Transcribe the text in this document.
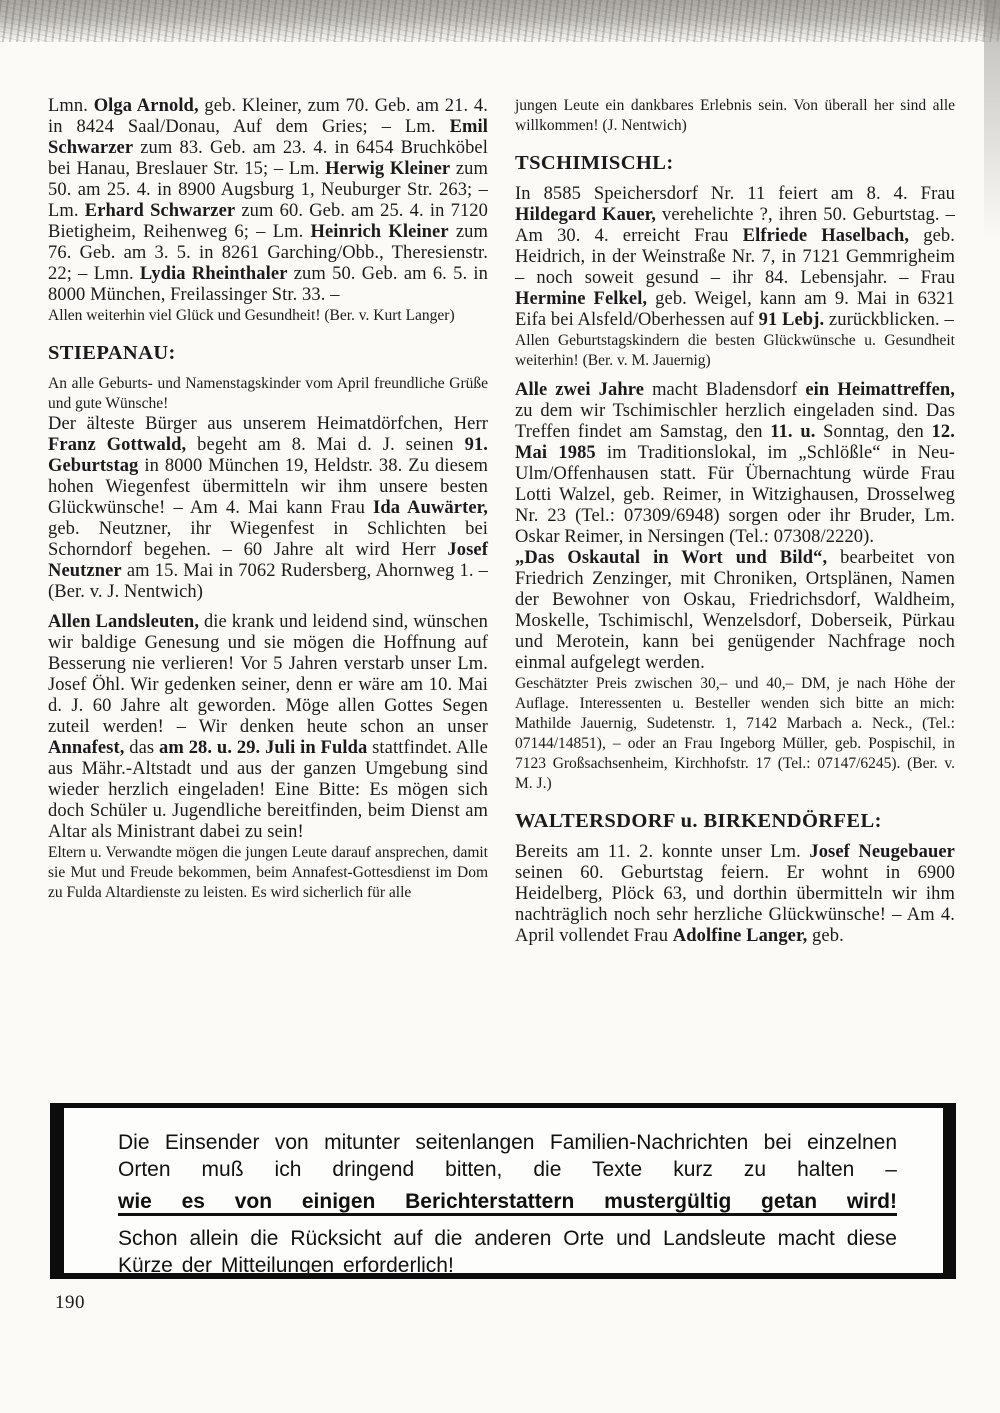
Lmn. Olga Arnold, geb. Kleiner, zum 70. Geb. am 21. 4. in 8424 Saal/Donau, Auf dem Gries; – Lm. Emil Schwarzer zum 83. Geb. am 23. 4. in 6454 Bruchköbel bei Hanau, Breslauer Str. 15; – Lm. Herwig Kleiner zum 50. am 25. 4. in 8900 Augsburg 1, Neuburger Str. 263; – Lm. Erhard Schwarzer zum 60. Geb. am 25. 4. in 7120 Bietigheim, Reihenweg 6; – Lm. Heinrich Kleiner zum 76. Geb. am 3. 5. in 8261 Garching/Obb., Theresienstr. 22; – Lmn. Lydia Rheinthaler zum 50. Geb. am 6. 5. in 8000 München, Freilassinger Str. 33. –

Allen weiterhin viel Glück und Gesundheit! (Ber. v. Kurt Langer)

STIEPANAU:

An alle Geburts- und Namenstagskinder vom April freundliche Grüße und gute Wünsche!

Der älteste Bürger aus unserem Heimatdörfchen, Herr Franz Gottwald, begeht am 8. Mai d. J. seinen 91. Geburtstag in 8000 München 19, Heldstr. 38. Zu diesem hohen Wiegenfest übermitteln wir ihm unsere besten Glückwünsche! – Am 4. Mai kann Frau Ida Auwärter, geb. Neutzner, ihr Wiegenfest in Schlichten bei Schorndorf begehen. – 60 Jahre alt wird Herr Josef Neutzner am 15. Mai in 7062 Rudersberg, Ahornweg 1. – (Ber. v. J. Nentwich)

Allen Landsleuten, die krank und leidend sind, wünschen wir baldige Genesung und sie mögen die Hoffnung auf Besserung nie verlieren! Vor 5 Jahren verstarb unser Lm. Josef Öhl. Wir gedenken seiner, denn er wäre am 10. Mai d. J. 60 Jahre alt geworden. Möge allen Gottes Segen zuteil werden! – Wir denken heute schon an unser Annafest, das am 28. u. 29. Juli in Fulda stattfindet. Alle aus Mähr.-Altstadt und aus der ganzen Umgebung sind wieder herzlich eingeladen! Eine Bitte: Es mögen sich doch Schüler u. Jugendliche bereitfinden, beim Dienst am Altar als Ministrant dabei zu sein!

Eltern u. Verwandte mögen die jungen Leute darauf ansprechen, damit sie Mut und Freude bekommen, beim Annafest-Gottesdienst im Dom zu Fulda Altardienste zu leisten. Es wird sicherlich für alle

jungen Leute ein dankbares Erlebnis sein. Von überall her sind alle willkommen! (J. Nentwich)

TSCHIMISCHL:

In 8585 Speichersdorf Nr. 11 feiert am 8. 4. Frau Hildegard Kauer, verehelichte ?, ihren 50. Geburtstag. – Am 30. 4. erreicht Frau Elfriede Haselbach, geb. Heidrich, in der Weinstraße Nr. 7, in 7121 Gemmrigheim – noch soweit gesund – ihr 84. Lebensjahr. – Frau Hermine Felkel, geb. Weigel, kann am 9. Mai in 6321 Eifa bei Alsfeld/Oberhessen auf 91 Lebj. zurückblicken. –

Allen Geburtstagskindern die besten Glückwünsche u. Gesundheit weiterhin! (Ber. v. M. Jauernig)

Alle zwei Jahre macht Bladensdorf ein Heimattreffen, zu dem wir Tschimischler herzlich eingeladen sind. Das Treffen findet am Samstag, den 11. u. Sonntag, den 12. Mai 1985 im Traditionslokal, im „Schlößle“ in Neu-Ulm/Offenhausen statt. Für Übernachtung würde Frau Lotti Walzel, geb. Reimer, in Witzighausen, Drosselweg Nr. 23 (Tel.: 07309/6948) sorgen oder ihr Bruder, Lm. Oskar Reimer, in Nersingen (Tel.: 07308/2220).

„Das Oskautal in Wort und Bild“, bearbeitet von Friedrich Zenzinger, mit Chroniken, Ortsplänen, Namen der Bewohner von Oskau, Friedrichsdorf, Waldheim, Moskelle, Tschimischl, Wenzelsdorf, Doberseik, Pürkau und Merotein, kann bei genügender Nachfrage noch einmal aufgelegt werden.

Geschätzter Preis zwischen 30,– und 40,– DM, je nach Höhe der Auflage. Interessenten u. Besteller wenden sich bitte an mich: Mathilde Jauernig, Sudetenstr. 1, 7142 Marbach a. Neck., (Tel.: 07144/14851), – oder an Frau Ingeborg Müller, geb. Pospischil, in 7123 Großsachsenheim, Kirchhofstr. 17 (Tel.: 07147/6245). (Ber. v. M. J.)

WALTERSDORF u. BIRKENDÖRFEL:

Bereits am 11. 2. konnte unser Lm. Josef Neugebauer seinen 60. Geburtstag feiern. Er wohnt in 6900 Heidelberg, Plöck 63, und dorthin übermitteln wir ihm nachträglich noch sehr herzliche Glückwünsche! – Am 4. April vollendet Frau Adolfine Langer, geb.

Die Einsender von mitunter seitenlangen Familien-Nachrichten bei einzelnen Orten muß ich dringend bitten, die Texte kurz zu halten –

wie es von einigen Berichterstattern mustergültig getan wird!

Schon allein die Rücksicht auf die anderen Orte und Landsleute macht diese Kürze der Mitteilungen erforderlich!

190
